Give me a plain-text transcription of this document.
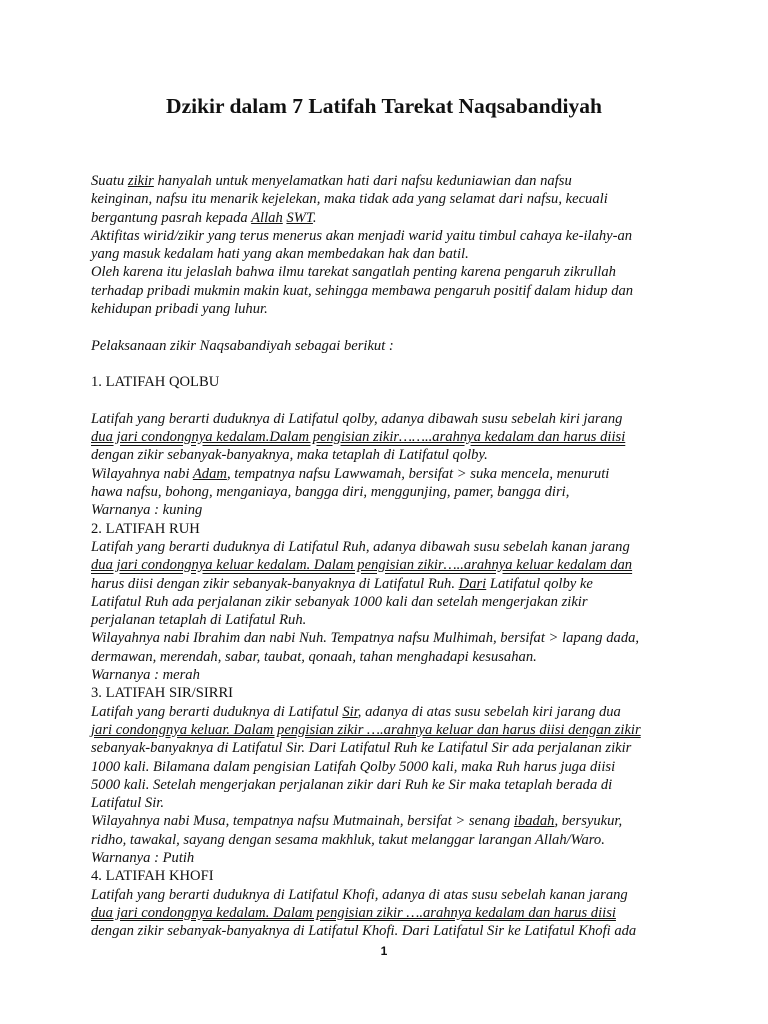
Dzikir dalam 7 Latifah Tarekat Naqsabandiyah
Suatu zikir hanyalah untuk menyelamatkan hati dari nafsu keduniawian dan nafsu
keinginan, nafsu itu menarik kejelekan, maka tidak ada yang selamat dari nafsu, kecuali
bergantung pasrah kepada Allah SWT.
Aktifitas wirid/zikir yang terus menerus akan menjadi warid yaitu timbul cahaya ke-ilahy-an
yang masuk kedalam hati yang akan membedakan hak dan batil.
Oleh karena itu jelaslah bahwa ilmu tarekat sangatlah penting karena pengaruh zikrullah
terhadap pribadi mukmin makin kuat, sehingga membawa pengaruh positif dalam hidup dan
kehidupan pribadi yang luhur.
Pelaksanaan zikir Naqsabandiyah sebagai berikut :
1. LATIFAH QOLBU
Latifah yang berarti duduknya di Latifatul qolby, adanya dibawah susu sebelah kiri jarang
dua jari condongnya kedalam.Dalam pengisian zikir……..arahnya kedalam dan harus diisi
dengan zikir sebanyak-banyaknya, maka tetaplah di Latifatul qolby.
Wilayahnya nabi Adam, tempatnya nafsu Lawwamah, bersifat > suka mencela, menuruti
hawa nafsu, bohong, menganiaya, bangga diri, menggunjing, pamer, bangga diri,
Warnanya : kuning
2. LATIFAH RUH
Latifah yang berarti duduknya di Latifatul Ruh, adanya dibawah susu sebelah kanan jarang
dua jari condongnya keluar kedalam. Dalam pengisian zikir…..arahnya keluar kedalam dan
harus diisi dengan zikir sebanyak-banyaknya di Latifatul Ruh. Dari Latifatul qolby ke
Latifatul Ruh ada perjalanan zikir sebanyak 1000 kali dan setelah mengerjakan zikir
perjalanan tetaplah di Latifatul Ruh.
Wilayahnya nabi Ibrahim dan nabi Nuh. Tempatnya nafsu Mulhimah, bersifat > lapang dada,
dermawan, merendah, sabar, taubat, qonaah, tahan menghadapi kesusahan.
Warnanya : merah
3. LATIFAH SIR/SIRRI
Latifah yang berarti duduknya di Latifatul Sir, adanya di atas susu sebelah kiri jarang dua
jari condongnya keluar. Dalam pengisian zikir ….arahnya keluar dan harus diisi dengan zikir
sebanyak-banyaknya di Latifatul Sir. Dari Latifatul Ruh ke Latifatul Sir ada perjalanan zikir
1000 kali. Bilamana dalam pengisian Latifah Qolby 5000 kali, maka Ruh harus juga diisi
5000 kali. Setelah mengerjakan perjalanan zikir dari Ruh ke Sir maka tetaplah berada di
Latifatul Sir.
Wilayahnya nabi Musa, tempatnya nafsu Mutmainah, bersifat > senang ibadah, bersyukur,
ridho, tawakal, sayang dengan sesama makhluk, takut melanggar larangan Allah/Waro.
Warnanya : Putih
4. LATIFAH KHOFI
Latifah yang berarti duduknya di Latifatul Khofi, adanya di atas susu sebelah kanan jarang
dua jari condongnya kedalam. Dalam pengisian zikir ….arahnya kedalam dan harus diisi
dengan zikir sebanyak-banyaknya di Latifatul Khofi. Dari Latifatul Sir ke Latifatul Khofi ada
1
